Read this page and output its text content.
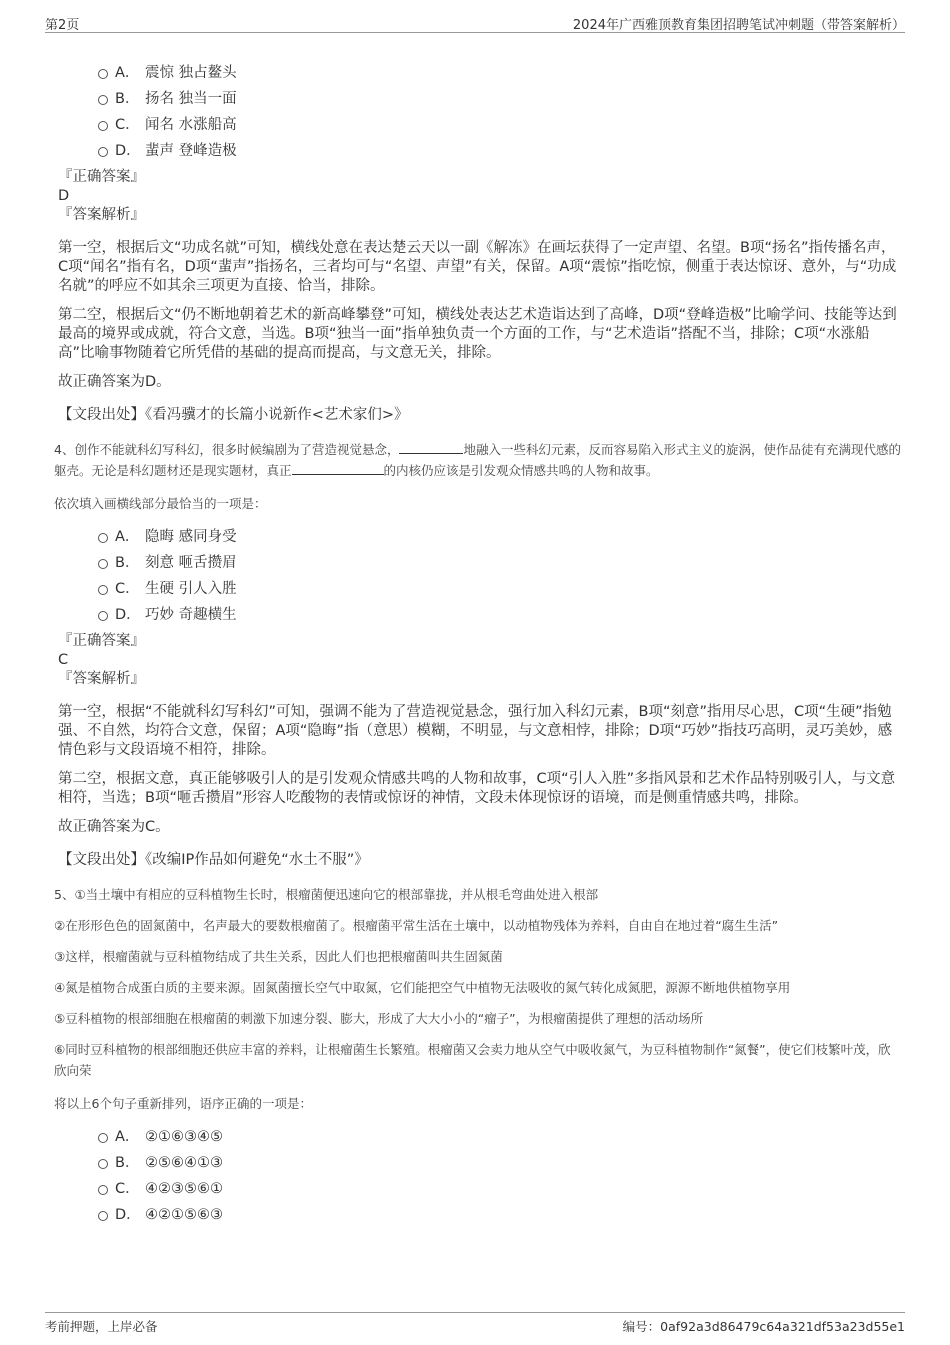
第2页	2024年广西雅顶教育集团招聘笔试冲刺题（带答案解析）
A． 震惊 独占鳌头
B． 扬名 独当一面
C． 闻名 水涨船高
D． 蜚声 登峰造极
『正确答案』
D
『答案解析』

第一空，根据后文“功成名就”可知，横线处意在表达楚云天以一副《解冻》在画坛获得了一定声望、名望。B项“扬名”指传播名声，C项“闻名”指有名，D项“蜚声”指扬名，三者均可与“名望、声望”有关，保留。A项“震惊”指吃惊，侧重于表达惊讶、意外，与“功成名就”的呼应不如其余三项更为直接、恰当，排除。

第二空，根据后文“仍不断地朝着艺术的新高峰攀登”可知，横线处表达艺术造诣达到了高峰，D项“登峰造极”比喻学问、技能等达到最高的境界或成就，符合文意，当选。B项“独当一面”指单独负责一个方面的工作，与“艺术造诣”搭配不当，排除；C项“水涨船高”比喻事物随着它所凭借的基础的提高而提高，与文意无关，排除。

故正确答案为D。

【文段出处】《看冯骥才的长篇小说新作<艺术家们>》
4、创作不能就科幻写科幻，很多时候编剧为了营造视觉悬念，	地融入一些科幻元素，反而容易陷入形式主义的旋涡，使作品徒有充满现代感的躯壳。无论是科幻题材还是现实题材，真正	的内核仍应该是引发观众情感共鸣的人物和故事。
依次填入画横线部分最恰当的一项是：
A． 隐晦 感同身受
B． 刻意 咂舌攒眉
C． 生硬 引人入胜
D． 巧妙 奇趣横生
『正确答案』
C
『答案解析』

第一空，根据“不能就科幻写科幻”可知，强调不能为了营造视觉悬念，强行加入科幻元素，B项“刻意”指用尽心思，C项“生硬”指勉强、不自然，均符合文意，保留；A项“隐晦”指（意思）模糊，不明显，与文意相悖，排除；D项“巧妙”指技巧高明，灵巧美妙，感情色彩与文段语境不相符，排除。

第二空，根据文意，真正能够吸引人的是引发观众情感共鸣的人物和故事，C项“引人入胜”多指风景和艺术作品特别吸引人，与文意相符，当选；B项“咂舌攒眉”形容人吃酸物的表情或惊讶的神情，文段未体现惊讶的语境，而是侧重情感共鸣，排除。

故正确答案为C。

【文段出处】《改编IP作品如何避免“水土不服”》
5、①当土壤中有相应的豆科植物生长时，根瘤菌便迅速向它的根部靠拢，并从根毛弯曲处进入根部
②在形形色色的固氮菌中，名声最大的要数根瘤菌了。根瘤菌平常生活在土壤中，以动植物残体为养料，自由自在地过着“腐生生活”
③这样，根瘤菌就与豆科植物结成了共生关系，因此人们也把根瘤菌叫共生固氮菌
④氮是植物合成蛋白质的主要来源。固氮菌擅长空气中取氮，它们能把空气中植物无法吸收的氮气转化成氮肥，源源不断地供植物享用
⑤豆科植物的根部细胞在根瘤菌的刺激下加速分裂、膨大，形成了大大小小的“瘤子”，为根瘤菌提供了理想的活动场所
⑥同时豆科植物的根部细胞还供应丰富的养料，让根瘤菌生长繁殖。根瘤菌又会卖力地从空气中吸收氮气，为豆科植物制作“氮餐”，使它们枝繁叶茂，欣欣向荣
将以上6个句子重新排列，语序正确的一项是：
A． ②①⑥③④⑤
B． ②⑤⑥④①③
C． ④②③⑤⑥①
D． ④②①⑤⑥③
考前押题，上岸必备	编号：0af92a3d86479c64a321df53a23d55e1
